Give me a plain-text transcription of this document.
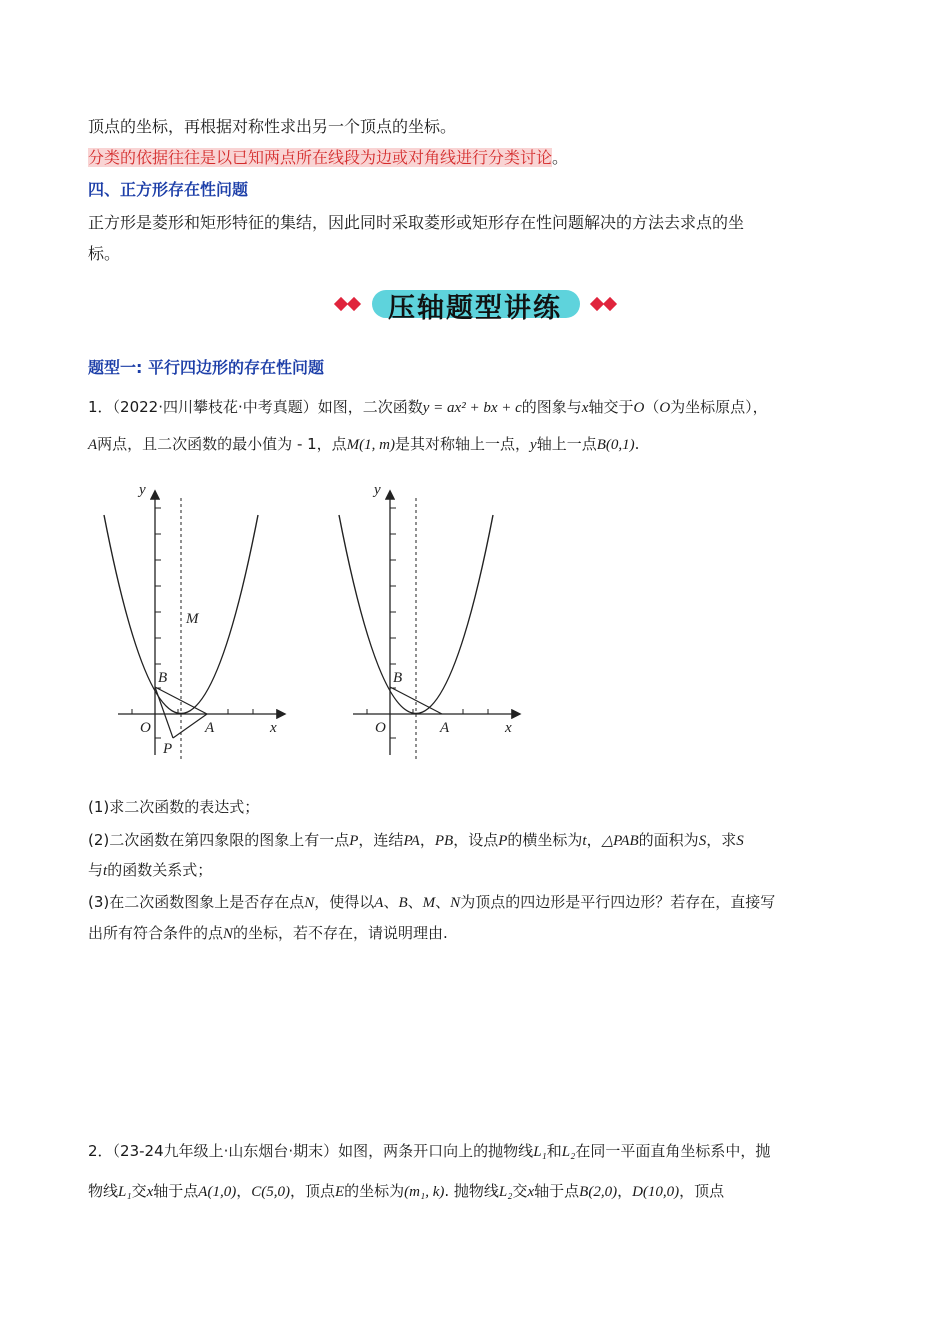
顶点的坐标，再根据对称性求出另一个顶点的坐标。
分类的依据往往是以已知两点所在线段为边或对角线进行分类讨论。
四、正方形存在性问题
正方形是菱形和矩形特征的集结，因此同时采取菱形或矩形存在性问题解决的方法去求点的坐
标。
压轴题型讲练
题型一: 平行四边形的存在性问题
1．（2022·四川攀枝花·中考真题）如图，二次函数y = ax² + bx + c的图象与x轴交于O（O为坐标原点），
A两点，且二次函数的最小值为 - 1，点M(1, m)是其对称轴上一点，y轴上一点B(0,1).
y
x
O	A
B
M
P
y
x
O	A
B
(1)求二次函数的表达式；
(2)二次函数在第四象限的图象上有一点P，连结PA，PB，设点P的横坐标为t，△PAB的面积为S，求S
与t的函数关系式；
(3)在二次函数图象上是否存在点N，使得以A、B、M、N为顶点的四边形是平行四边形？若存在，直接写
出所有符合条件的点N的坐标，若不存在，请说明理由.
2．（23-24九年级上·山东烟台·期末）如图，两条开口向上的抛物线L₁和L₂在同一平面直角坐标系中，抛
物线L₁交x轴于点A(1,0)，C(5,0)，顶点E的坐标为(m₁, k). 抛物线L₂交x轴于点B(2,0)，D(10,0)，顶点
